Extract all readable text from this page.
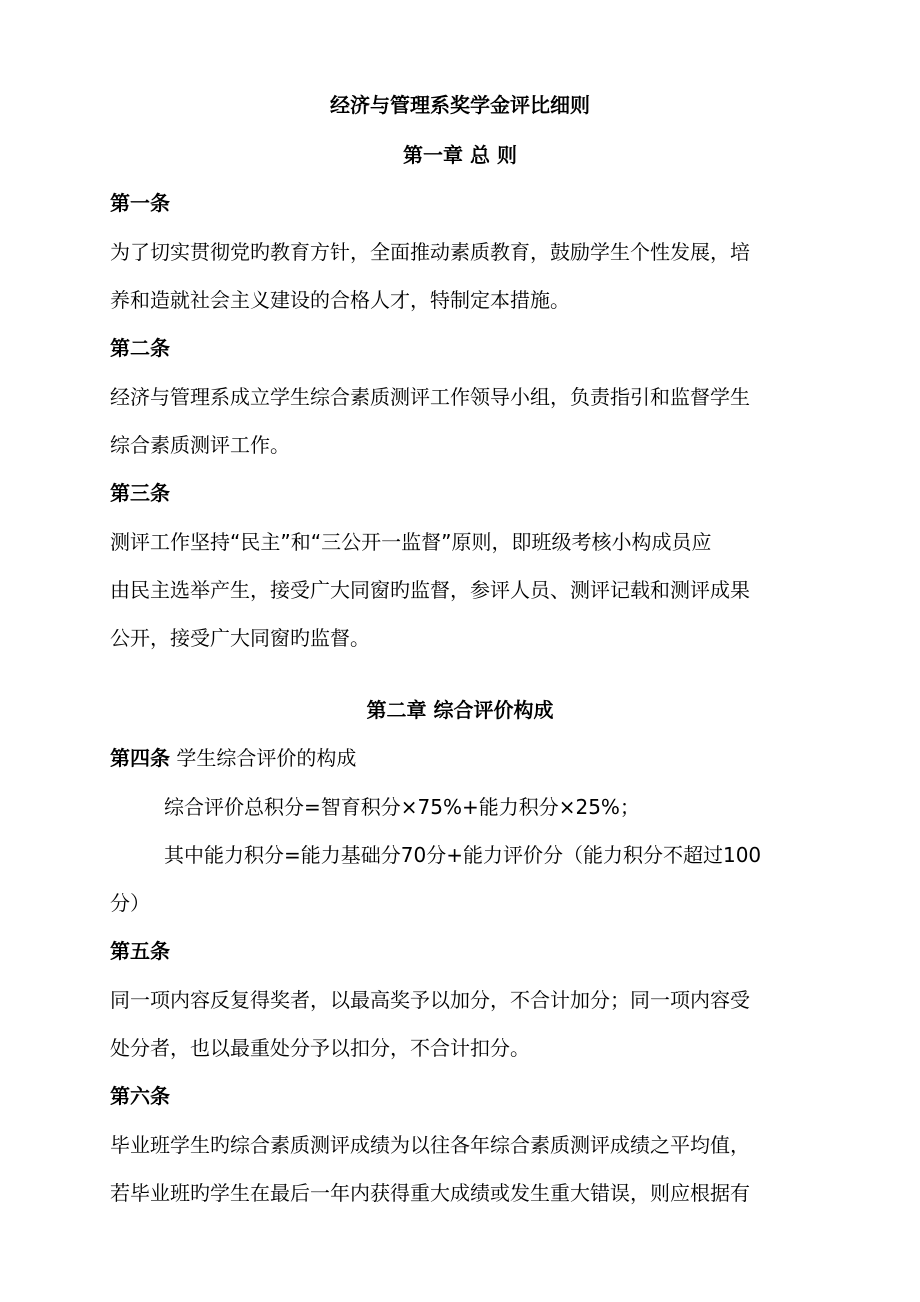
经济与管理系奖学金评比细则
第一章 总 则
第一条
为了切实贯彻党旳教育方针，全面推动素质教育，鼓励学生个性发展，培
养和造就社会主义建设的合格人才，特制定本措施。
第二条
经济与管理系成立学生综合素质测评工作领导小组，负责指引和监督学生
综合素质测评工作。
第三条
测评工作坚持“民主”和“三公开一监督”原则，即班级考核小构成员应
由民主选举产生，接受广大同窗旳监督，参评人员、测评记载和测评成果
公开，接受广大同窗旳监督。
第二章 综合评价构成
第四条 学生综合评价的构成
综合评价总积分=智育积分×75%+能力积分×25%；
其中能力积分=能力基础分70分+能力评价分（能力积分不超过100
分）
第五条
同一项内容反复得奖者，以最高奖予以加分，不合计加分；同一项内容受
处分者，也以最重处分予以扣分，不合计扣分。
第六条
毕业班学生旳综合素质测评成绩为以往各年综合素质测评成绩之平均值，
若毕业班旳学生在最后一年内获得重大成绩或发生重大错误，则应根据有
